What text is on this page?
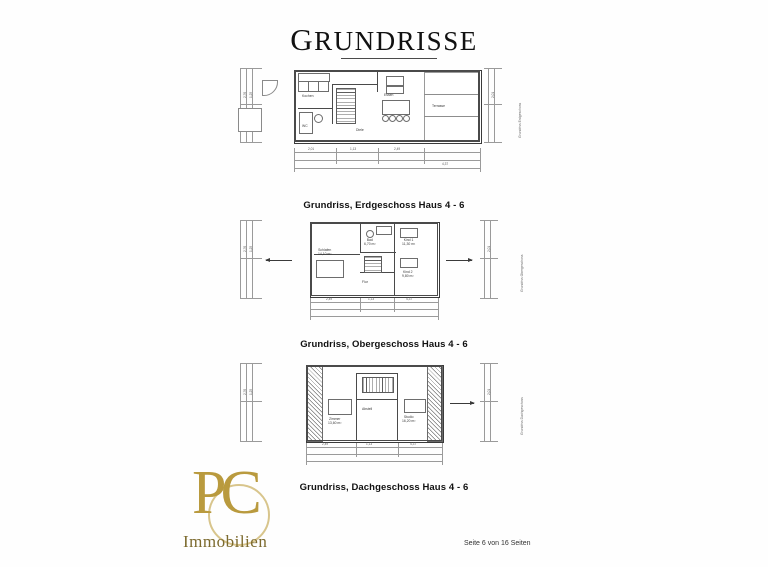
GRUNDRISSE
2,76 1,25	Kochen	Essen
Terrasse
Diele
WC
2,01	1,13	2,49
4,37
2,01
Grundriss Erdgeschoss
Grundriss, Erdgeschoss Haus 4 - 6
2,76 1,25	Schlafen
14,10 m²
Bad
6,70 m²
Kind 1
11,30 m²
Kind 2
9,80 m²
Flur
2,49	1,13	4,37
2,01
Grundriss Obergeschoss
Grundriss, Obergeschoss Haus 4 - 6
2,76 1,25
Zimmer
13,60 m²
Studio
16,20 m²
Abstell
2,49	1,13	4,37
2,01
Grundriss Dachgeschoss
Grundriss, Dachgeschoss Haus 4 - 6
PC
Immobilien	Seite 6 von 16 Seiten
